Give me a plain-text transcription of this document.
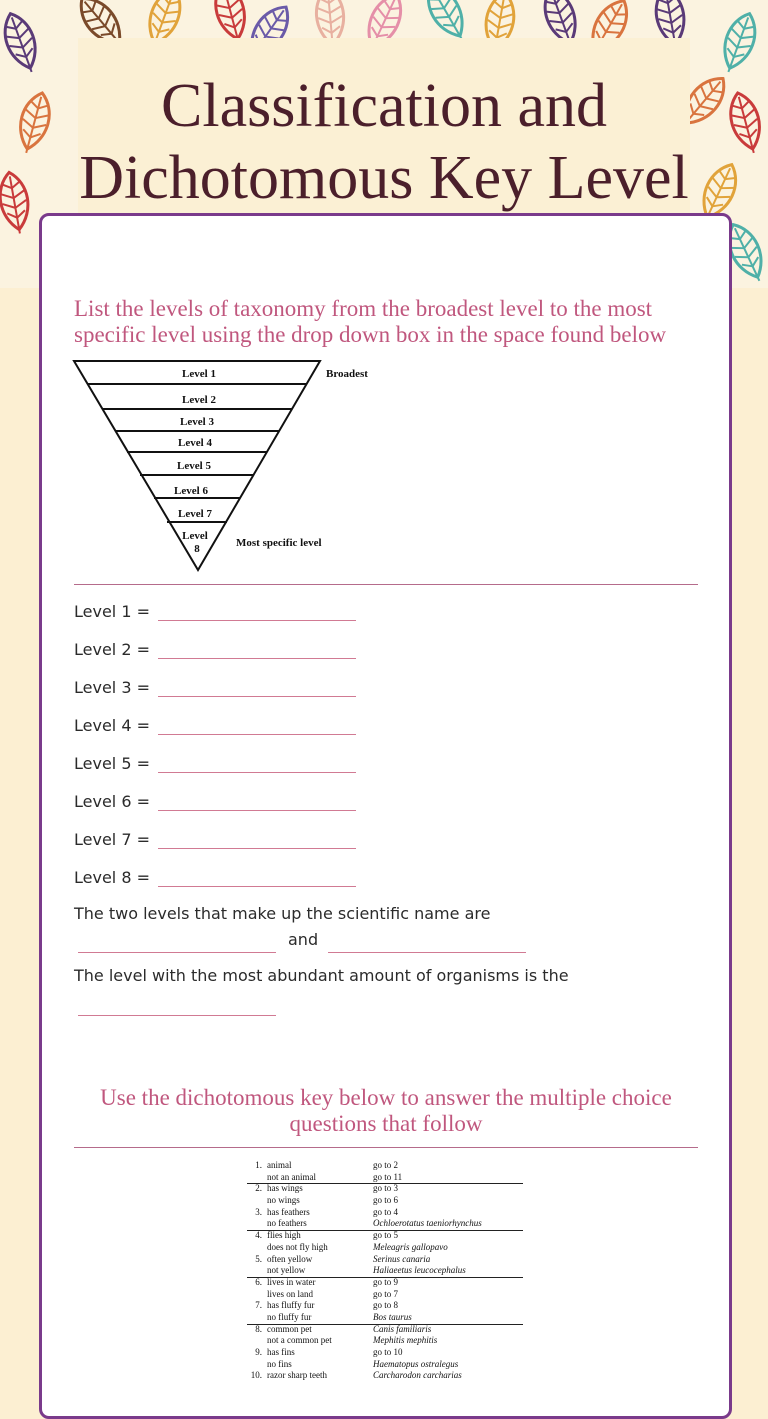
Classification and Dichotomous Key Level
List the levels of taxonomy from the broadest level to the most specific level using the drop down box in the space found below
Level 1
Level 2
Level 3
Level 4
Level 5
Level 6
Level 7
Level
8
Broadest
Most specific level
Level 1 =
Level 2 =
Level 3 =
Level 4 =
Level 5 =
Level 6 =
Level 7 =
Level 8 =
The two levels that make up the scientific name are
and
The level with the most abundant amount of organisms is the
Use the dichotomous key below to answer the multiple choice questions that follow
1. animal	go to 2
not an animal	go to 11
2. has wings	go to 3
no wings	go to 6
3. has feathers	go to 4
no feathers	Ochloerotatus taeniorhynchus
4. flies high	go to 5
does not fly high	Meleagris gallopavo
5. often yellow	Serinus canaria
not yellow	Haliaeetus leucocephalus
6. lives in water	go to 9
lives on land	go to 7
7. has fluffy fur	go to 8
no fluffy fur	Bos taurus
8. common pet	Canis familiaris
not a common pet	Mephitis mephitis
9. has fins	go to 10
no fins	Haematopus ostralegus
10. razor sharp teeth	Carcharodon carcharias
